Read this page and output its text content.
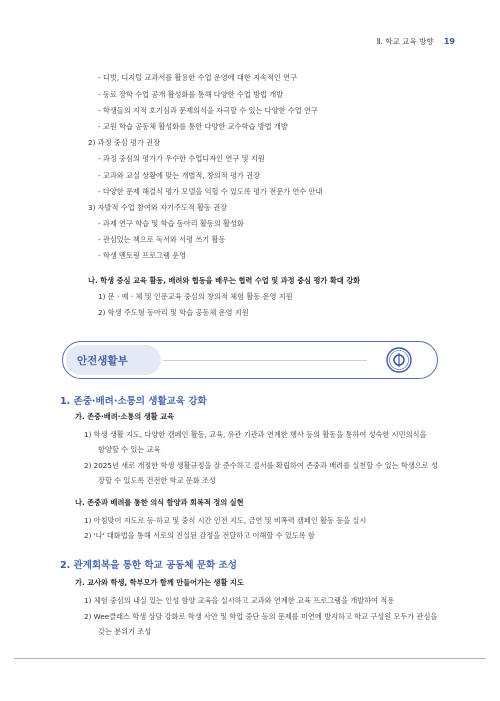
Ⅱ. 학교 교육 방향 19
- 디벗, 디지털 교과서를 활용한 수업 운영에 대한 지속적인 연구
- 동료 장학 수업 공개 활성화를 통해 다양한 수업 방법 개발
- 학생들의 지적 호기심과 문제의식을 자극할 수 있는 다양한 수업 연구
- 교원 학습 공동체 활성화를 통한 다양한 교수학습 방법 개발
2) 과정 중심 평가 권장
- 과정 중심의 평가가 우수한 수업디자인 연구 및 지원
- 교과와 교실 상황에 맞는 개별적, 창의적 평가 권장
- 다양한 문제 해결식 평가 모델을 익힐 수 있도록 평가 전문가 연수 안내
3) 자발적 수업 참여와 자기주도적 활동 권장
- 과제 연구 학습 및 학습 동아리 활동의 활성화
- 관심있는 책으로 독서와 서평 쓰기 활동
- 학생 멘토링 프로그램 운영
나. 학생 중심 교육 활동, 배려와 협동을 배우는 협력 수업 및 과정 중심 평가 확대 강화
1) 문ㆍ예ㆍ체 및 인문교육 중심의 창의적 체험 활동 운영 지원
2) 학생 주도형 동아리 및 학습 공동체 운영 지원
안전생활부
1. 존중·배려·소통의 생활교육 강화
가. 존중·배려·소통의 생활 교육
1) 학생 생활 지도, 다양한 캠페인 활동, 교육, 유관 기관과 연계한 행사 등의 활동을 통하여 성숙한 시민의식을
함양할 수 있는 교육
2) 2025년 새로 개정한 학생 생활규정을 잘 준수하고 절서를 확립하여 존중과 배려를 실천할 수 있는 학생으로 성
장할 수 있도록 건전한 학교 문화 조성
나. 존중과 배려를 통한 의식 함양과 회복적 정의 실현
1) 아침맞이 지도로 등·하교 및 중식 시간 인전 지도, 금연 및 비폭력 캠페인 활동 등을 실시
2) '나' 대화법을 통해 서로의 진실된 감정을 전달하고 이해할 수 있도록 함
2. 관계회복을 통한 학교 공동체 문화 조성
가. 교사와 학생, 학부모가 함께 만들어가는 생활 지도
1) 체험 중심의 내실 있는 인성 함양 교육을 실시하고 교과와 연계한 교육 프로그램을 개발하여 적용
2) Wee클래스 학생 상담 강화로 학생 사안 및 학업 중단 등의 문제를 미연에 방지하고 학교 구성원 모두가 관심을
갖는 분위기 조성
